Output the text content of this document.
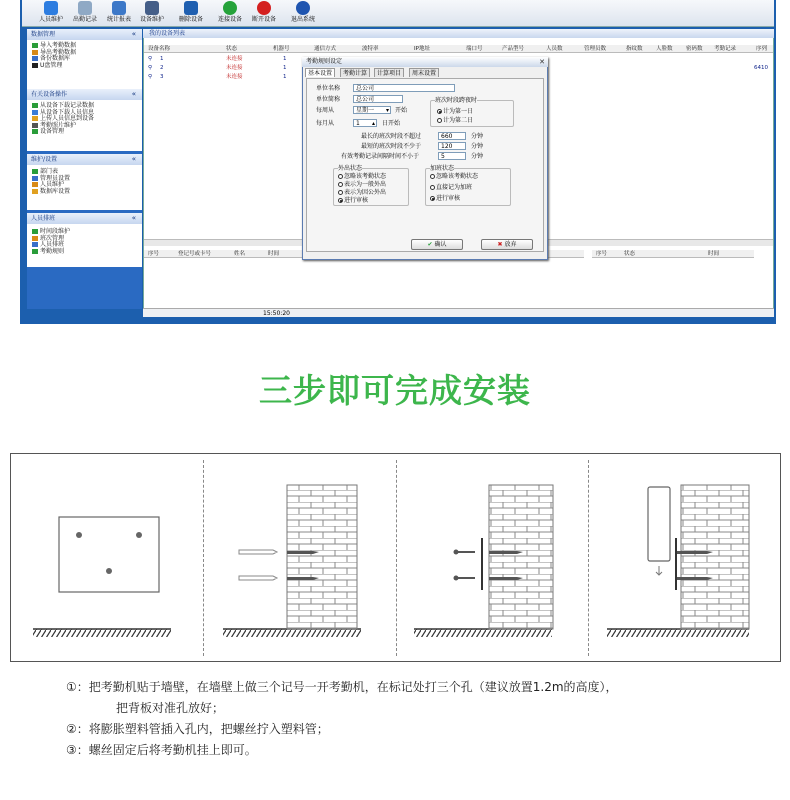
数据管理	«
导入考勤数据
导出考勤数据
备份数据库
U盘管理
有关设备操作	«
从设备下载记录数据
从设备下载人员信息
上传人员信息到设备
考勤照片维护
设备管理
维护/设置	«
部门表
管理员设置
人员维护
数据库设置
人员排班	«
时间段维护
班次管理
人员排班
考勤规则
设备名称	状态	机器号	通信方式	波特率	IP地址	端口号	产品型号	人员数	管理员数	指纹数 人脸数 密码数 考勤记录	序列
⚲ 1	未连接	1
⚲ 2	未连接	1
⚲ 3	未连接	1
6410
序号	登记号或卡号	姓名	时间	序号	状态	时间
我的设备列表
15:50:20
单位名称	总公司
单位简称	总公司
每周从	星期一 ▾ 开始
每月从	1 ▴ 日开始
班次时段跨夜时
计为第一日
计为第二日
最长的班次时段不超过	660	分钟
最短的班次时段不少于	120	分钟
有效考勤记录间隔时间不小于	5	分钟
外出状态
忽略该考勤状态
表示为一般外出
表示为因公外出
进行审核
加班状态
忽略该考勤状态
直接记为加班
进行审核
✔ 确认	✖ 放弃
考勤规则设定	✕
基本设置	考勤计算	计算项目	周末设置
三步即可完成安装
①：把考勤机贴于墙壁，在墙壁上做三个记号一开考勤机，在标记处打三个孔（建议放置1.2m的高度），
把背板对准孔放好；
②：将膨胀塑料管插入孔内，把螺丝拧入塑料管；
③：螺丝固定后将考勤机挂上即可。
人员维护	出勤记录	统计报表	设备维护	删除设备	连接设备	断开设备	退出系统
